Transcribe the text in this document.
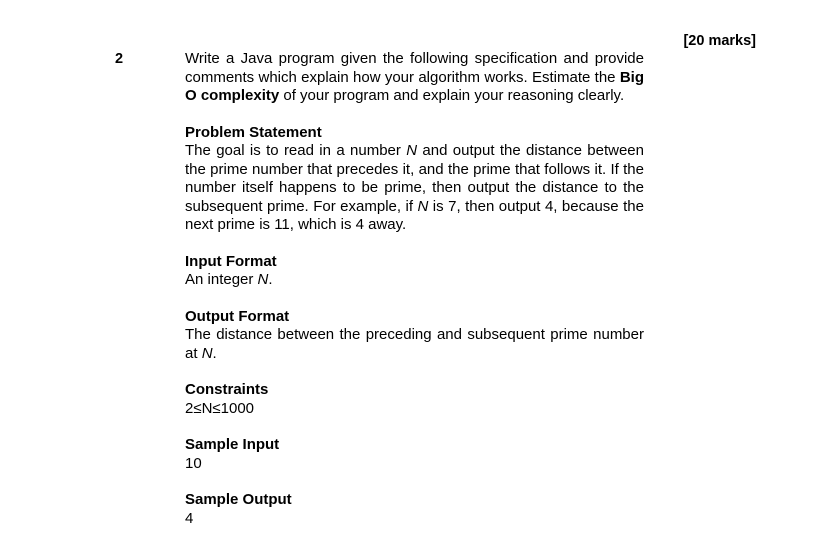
[20 marks]
2	Write a Java program given the following specification and provide comments which explain how your algorithm works. Estimate the Big O complexity of your program and explain your reasoning clearly.

Problem Statement

The goal is to read in a number N and output the distance between the prime number that precedes it, and the prime that follows it. If the number itself happens to be prime, then output the distance to the subsequent prime. For example, if N is 7, then output 4, because the next prime is 11, which is 4 away.

Input Format

An integer N.

Output Format

The distance between the preceding and subsequent prime number at N.

Constraints

2≤N≤1000

Sample Input

10

Sample Output

4
